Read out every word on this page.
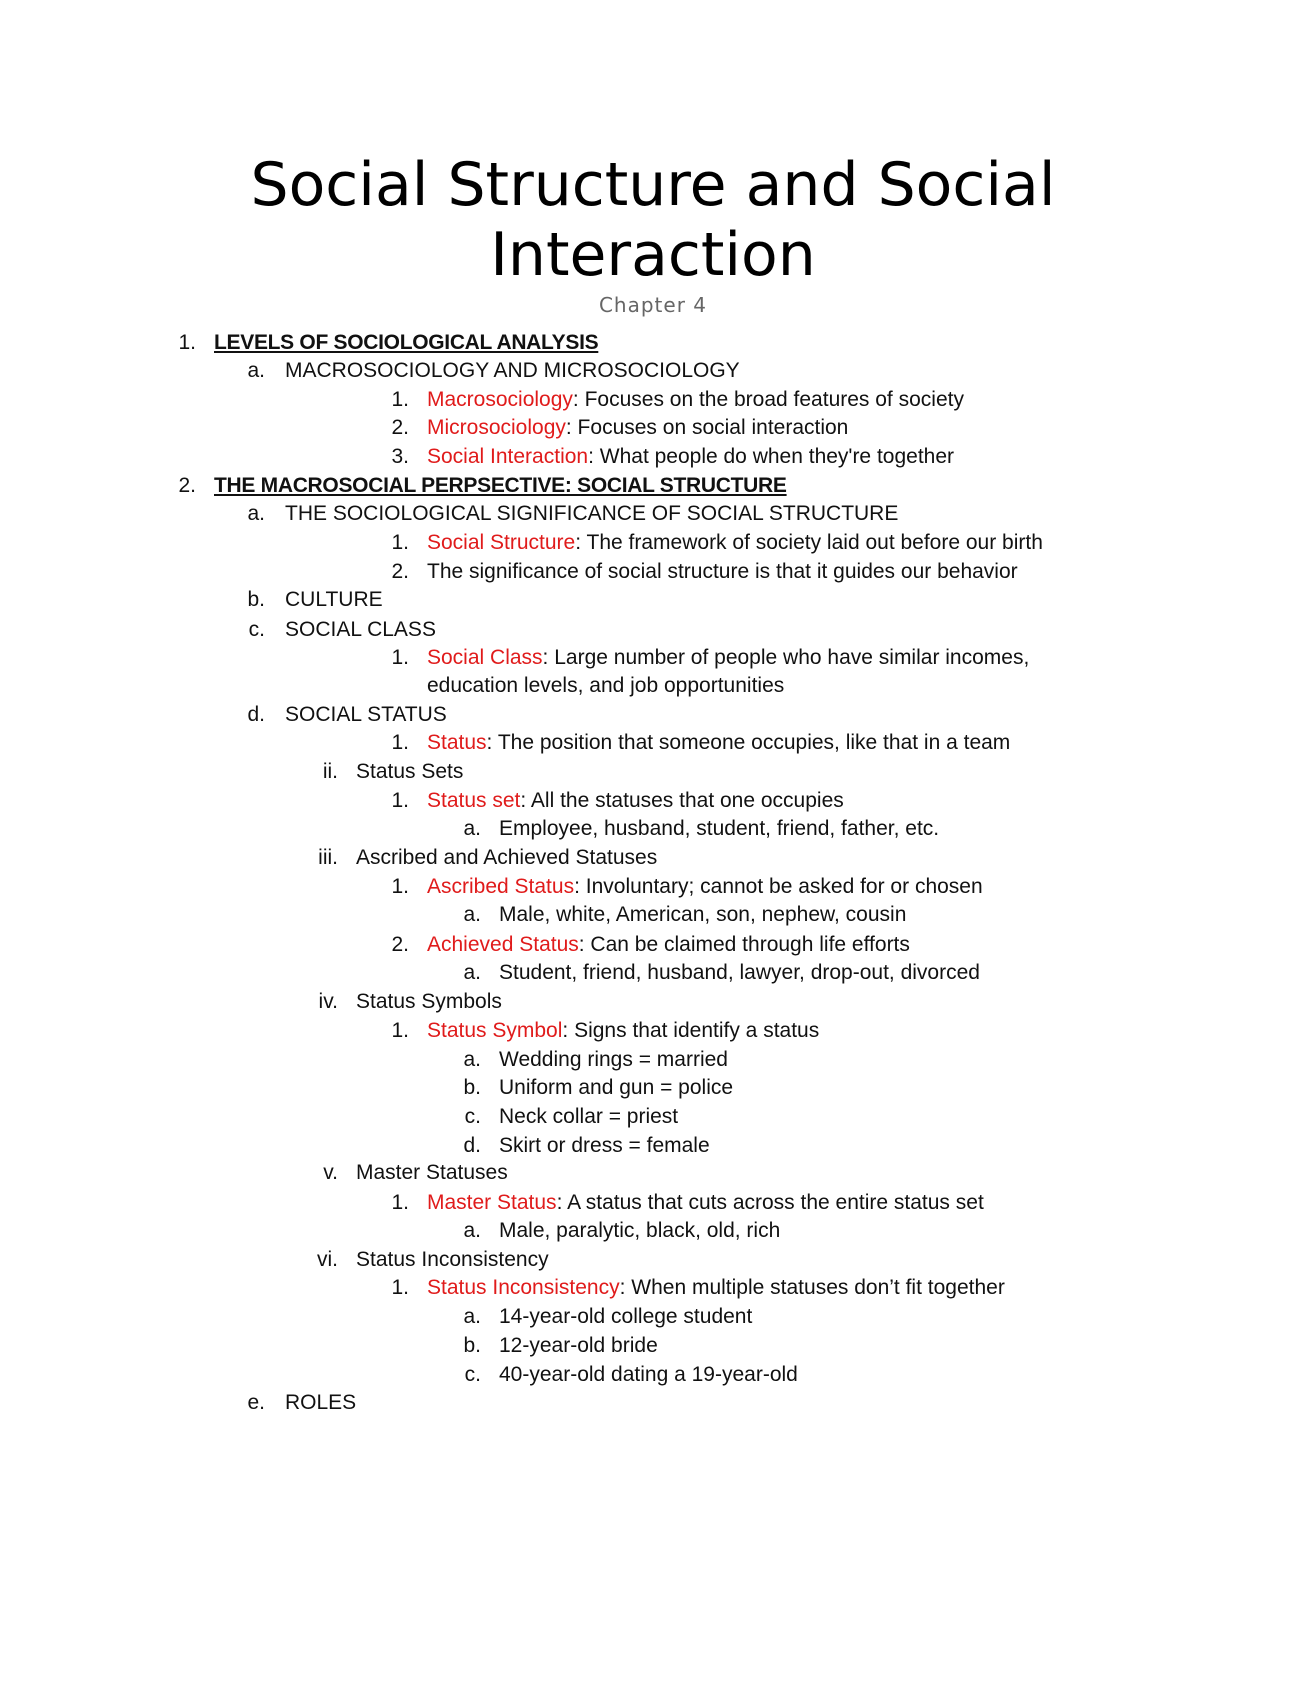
Social Structure and Social
Interaction
Chapter 4
1. LEVELS OF SOCIOLOGICAL ANALYSIS
a. MACROSOCIOLOGY AND MICROSOCIOLOGY
1. Macrosociology: Focuses on the broad features of society
2. Microsociology: Focuses on social interaction
3. Social Interaction: What people do when they're together
2. THE MACROSOCIAL PERPSECTIVE: SOCIAL STRUCTURE
a. THE SOCIOLOGICAL SIGNIFICANCE OF SOCIAL STRUCTURE
1. Social Structure: The framework of society laid out before our birth
2. The significance of social structure is that it guides our behavior
b. CULTURE
c. SOCIAL CLASS
1. Social Class: Large number of people who have similar incomes,
education levels, and job opportunities
d. SOCIAL STATUS
1. Status: The position that someone occupies, like that in a team
ii. Status Sets
1. Status set: All the statuses that one occupies
a. Employee, husband, student, friend, father, etc.
iii. Ascribed and Achieved Statuses
1. Ascribed Status: Involuntary; cannot be asked for or chosen
a. Male, white, American, son, nephew, cousin
2. Achieved Status: Can be claimed through life efforts
a. Student, friend, husband, lawyer, drop-out, divorced
iv. Status Symbols
1. Status Symbol: Signs that identify a status
a. Wedding rings = married
b. Uniform and gun = police
c. Neck collar = priest
d. Skirt or dress = female
v. Master Statuses
1. Master Status: A status that cuts across the entire status set
a. Male, paralytic, black, old, rich
vi. Status Inconsistency
1. Status Inconsistency: When multiple statuses don’t fit together
a. 14-year-old college student
b. 12-year-old bride
c. 40-year-old dating a 19-year-old
e. ROLES
